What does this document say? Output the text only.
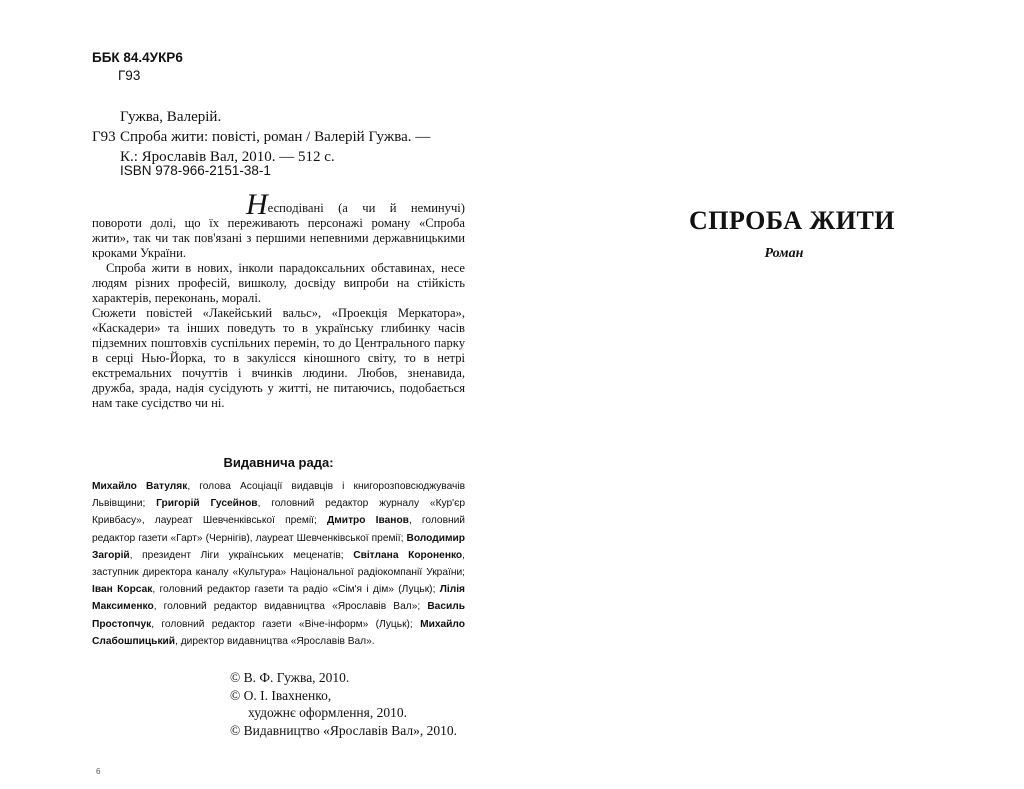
ББК 84.4УКР6
Г93
Гужва, Валерій.
Г93 Спроба жити: повісті, роман / Валерій Гужва. —
К.: Ярославів Вал, 2010. — 512 с.
ISBN 978-966-2151-38-1

Неспoдівані (а чи й неминучі) повороти долі, що їх переживають персонажі роману «Спроба жити», так чи так пов'язані з першими непевними державницькими кроками України.

Спроба жити в нових, інколи парадоксальних обставинах, несе людям різних професій, вишколу, досвіду випроби на стійкість характерів, переконань, моралі.

Сюжети повістей «Лакейський вальс», «Проекція Меркатора», «Каскадери» та інших поведуть то в українську глибинку часів підземних поштовхів суспільних перемін, то до Центрального парку в серці Нью-Йорка, то в закулісся кіношного світу, то в нетрі екстремальних почуттів і вчинків людини. Любов, зненавида, дружба, зрада, надія сусідують у житті, не питаючись, подобається нам таке сусідство чи ні.

Видавнича рада:
Михайло Ватуляк, голова Асоціації видавців і книгорозповсюджувачів Львівщини; Григорій Гусейнов, головний редактор журналу «Кур'єр Кривбасу», лауреат Шевченківської премії; Дмитро Іванов, головний редактор газети «Гарт» (Чернігів), лауреат Шевченківської премії; Володимир Загорій, президент Ліги українських меценатів; Світлана Короненко, заступник директора каналу «Культура» Національної радіокомпанії України; Іван Корсак, головний редактор газети та радіо «Сім'я і дім» (Луцьк); Лілія Максименко, головний редактор видавництва «Ярославів Вал»; Василь Простопчук, головний редактор газети «Віче-інформ» (Луцьк); Михайло Слабошпицький, директор видавництва «Ярославів Вал».
© В. Ф. Гужва, 2010.
© О. І. Івахненко,
художнє оформлення, 2010.
© Видавництво «Ярославів Вал», 2010.
6
СПРОБА ЖИТИ
Роман
